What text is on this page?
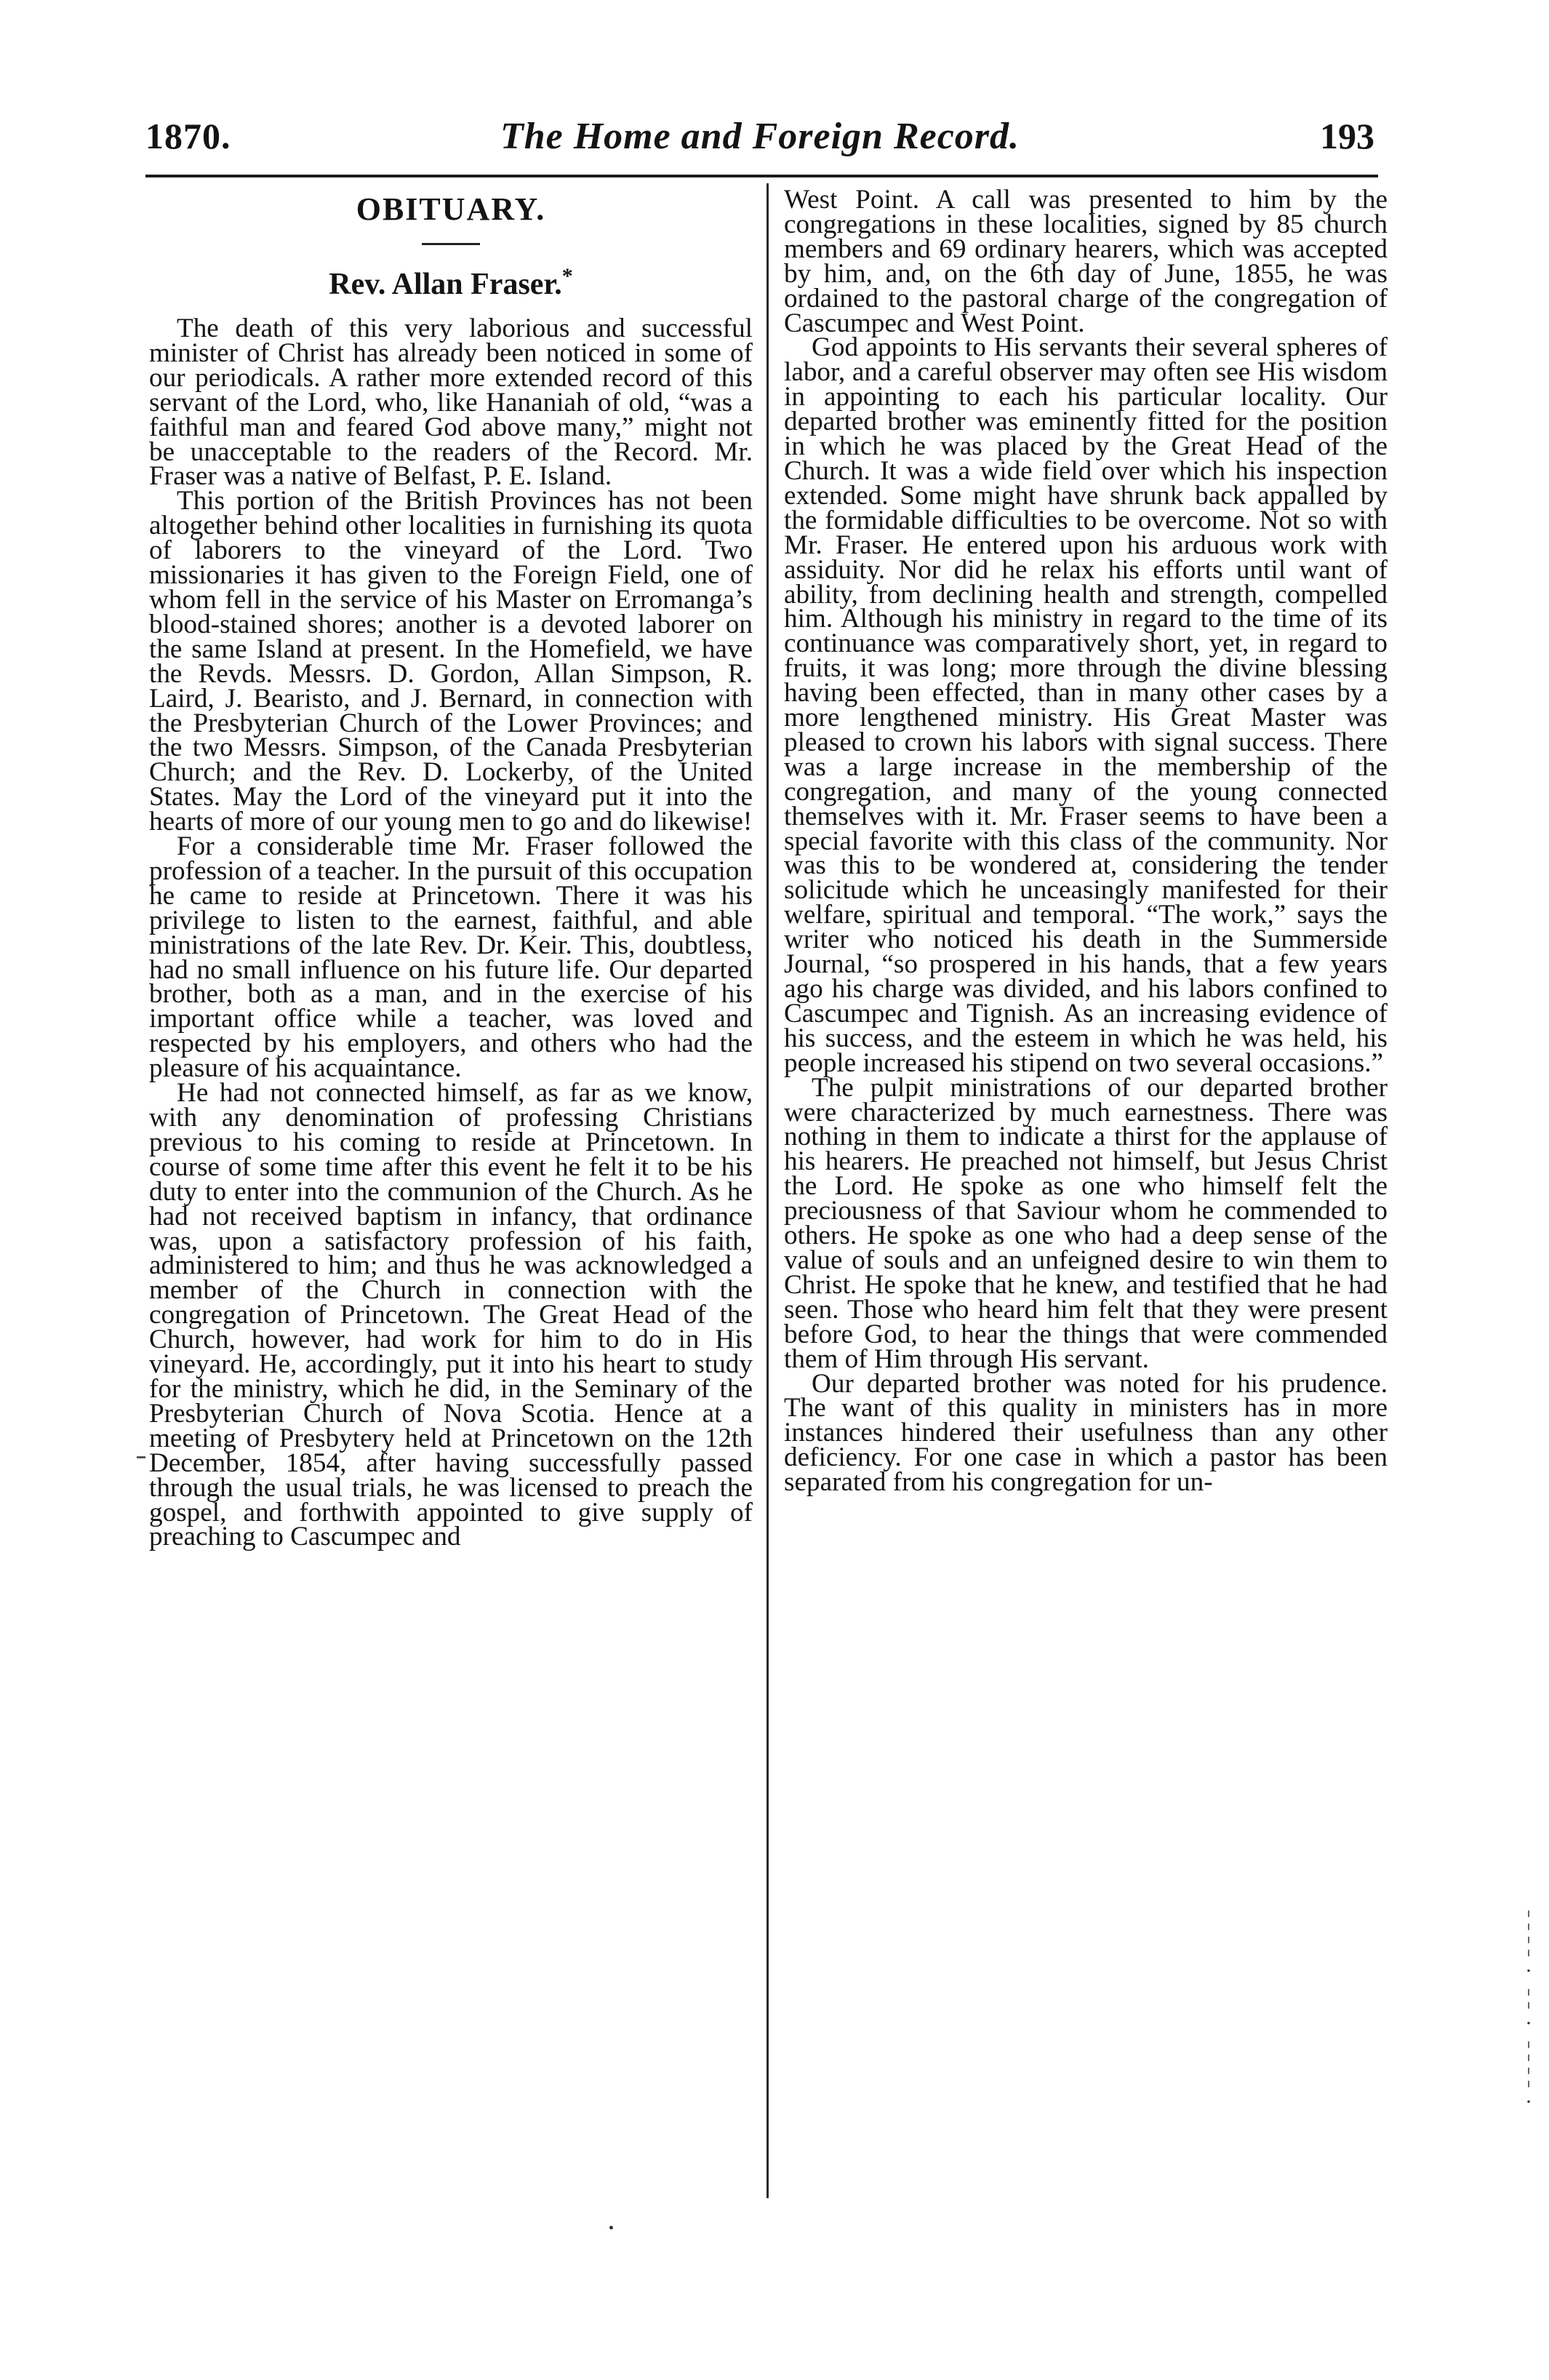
1870.	The Home and Foreign Record.	193
OBITUARY.
Rev. Allan Fraser.*

The death of this very laborious and successful minister of Christ has already been noticed in some of our periodicals. A rather more extended record of this servant of the Lord, who, like Hananiah of old, “was a faithful man and feared God above many,” might not be unacceptable to the readers of the Record. Mr. Fraser was a native of Belfast, P. E. Island.

This portion of the British Provinces has not been altogether behind other localities in furnishing its quota of laborers to the vineyard of the Lord. Two missionaries it has given to the Foreign Field, one of whom fell in the service of his Master on Erromanga’s blood-stained shores; another is a devoted laborer on the same Island at present. In the Homefield, we have the Revds. Messrs. D. Gordon, Allan Simpson, R. Laird, J. Bearisto, and J. Bernard, in connection with the Presbyterian Church of the Lower Provinces; and the two Messrs. Simpson, of the Canada Presbyterian Church; and the Rev. D. Lockerby, of the United States. May the Lord of the vineyard put it into the hearts of more of our young men to go and do likewise!

For a considerable time Mr. Fraser followed the profession of a teacher. In the pursuit of this occupation he came to reside at Princetown. There it was his privilege to listen to the earnest, faithful, and able ministrations of the late Rev. Dr. Keir. This, doubtless, had no small influence on his future life. Our departed brother, both as a man, and in the exercise of his important office while a teacher, was loved and respected by his employers, and others who had the pleasure of his acquaintance.

He had not connected himself, as far as we know, with any denomination of professing Christians previous to his coming to reside at Princetown. In course of some time after this event he felt it to be his duty to enter into the communion of the Church. As he had not received baptism in infancy, that ordinance was, upon a satisfactory profession of his faith, administered to him; and thus he was acknowledged a member of the Church in connection with the congregation of Princetown. The Great Head of the Church, however, had work for him to do in His vineyard. He, accordingly, put it into his heart to study for the ministry, which he did, in the Seminary of the Presbyterian Church of Nova Scotia. Hence at a meeting of Presbytery held at Princetown on the 12th December, 1854, after having successfully passed through the usual trials, he was licensed to preach the gospel, and forthwith appointed to give supply of preaching to Cascumpec and

West Point. A call was presented to him by the congregations in these localities, signed by 85 church members and 69 ordinary hearers, which was accepted by him, and, on the 6th day of June, 1855, he was ordained to the pastoral charge of the congregation of Cascumpec and West Point.

God appoints to His servants their several spheres of labor, and a careful observer may often see His wisdom in appointing to each his particular locality. Our departed brother was eminently fitted for the position in which he was placed by the Great Head of the Church. It was a wide field over which his inspection extended. Some might have shrunk back appalled by the formidable difficulties to be overcome. Not so with Mr. Fraser. He entered upon his arduous work with assiduity. Nor did he relax his efforts until want of ability, from declining health and strength, compelled him. Although his ministry in regard to the time of its continuance was comparatively short, yet, in regard to fruits, it was long; more through the divine blessing having been effected, than in many other cases by a more lengthened ministry. His Great Master was pleased to crown his labors with signal success. There was a large increase in the membership of the congregation, and many of the young connected themselves with it. Mr. Fraser seems to have been a special favorite with this class of the community. Nor was this to be wondered at, considering the tender solicitude which he unceasingly manifested for their welfare, spiritual and temporal. “The work,” says the writer who noticed his death in the Summerside Journal, “so prospered in his hands, that a few years ago his charge was divided, and his labors confined to Cascumpec and Tignish. As an increasing evidence of his success, and the esteem in which he was held, his people increased his stipend on two several occasions.”

The pulpit ministrations of our departed brother were characterized by much earnestness. There was nothing in them to indicate a thirst for the applause of his hearers. He preached not himself, but Jesus Christ the Lord. He spoke as one who himself felt the preciousness of that Saviour whom he commended to others. He spoke as one who had a deep sense of the value of souls and an unfeigned desire to win them to Christ. He spoke that he knew, and testified that he had seen. Those who heard him felt that they were present before God, to hear the things that were commended them of Him through His servant.

Our departed brother was noted for his prudence. The want of this quality in ministers has in more instances hindered their usefulness than any other deficiency. For one case in which a pastor has been separated from his congregation for un-

¦
¦
·
¦
·
¦
¦
·
